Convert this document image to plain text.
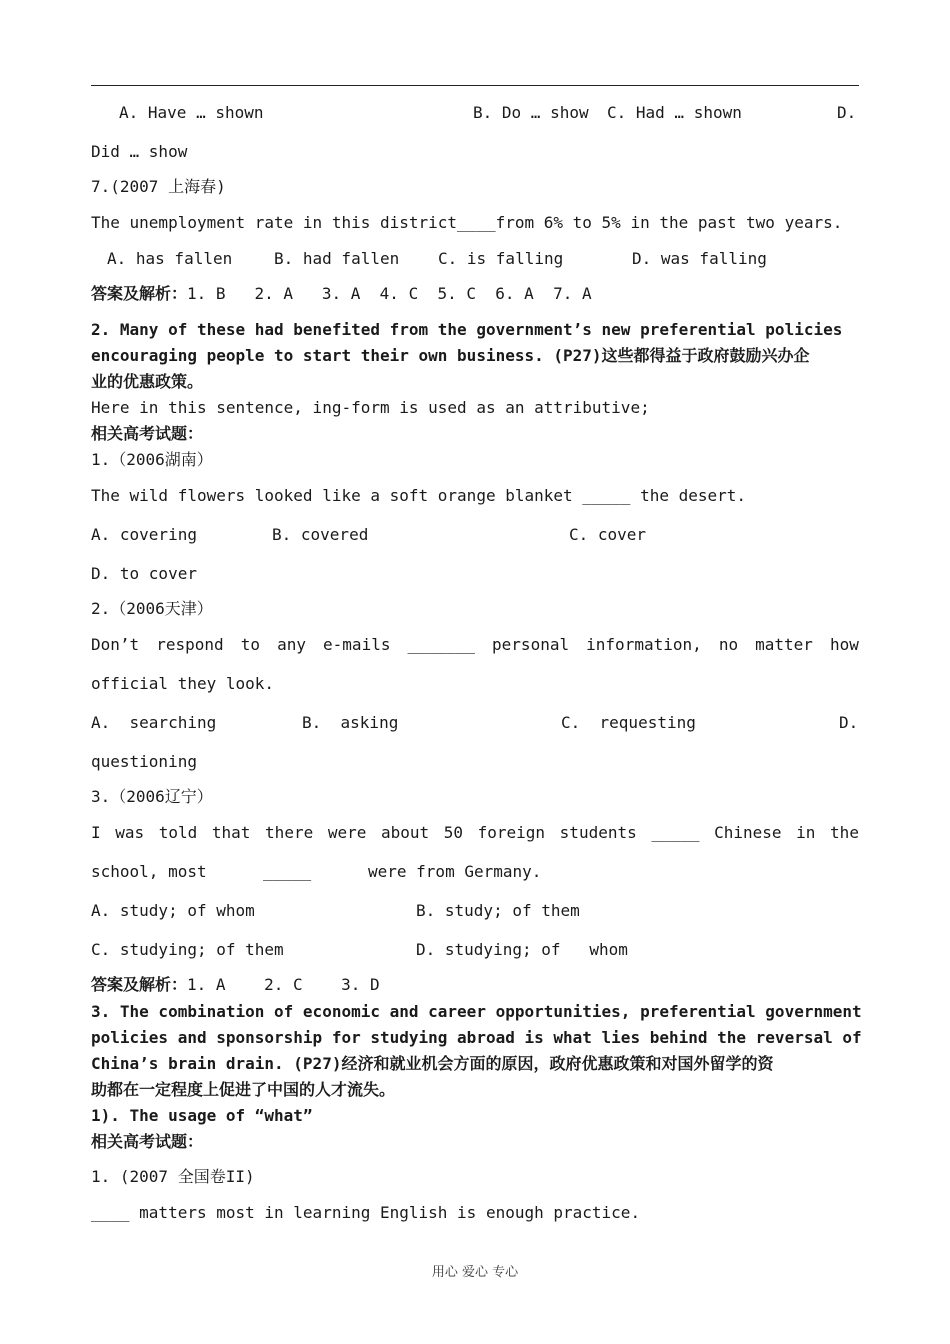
A. Have … shown	B. Do … show C. Had … shown	D.
Did … show
7.(2007 上海春)
The unemployment rate in this district____from 6% to 5% in the past two years.
A. has fallen	B. had fallen C. is falling	D. was falling
答案及解析：1. B   2. A   3. A  4. C  5. C  6. A  7. A
2. Many of these had benefited from the government’s new preferential policies
encouraging people to start their own business. (P27)这些都得益于政府鼓励兴办企
业的优惠政策。
Here in this sentence, ing-form is used as an attributive;
相关高考试题：
1.（2006湖南）
The wild flowers looked like a soft orange blanket _____ the desert.
A. covering	B. covered	C. cover
D. to cover
2.（2006天津）
Don’t respond to any e-mails _______ personal information, no matter how
official they look.
A.  searching	B.  asking	C.  requesting	D.
questioning
3.（2006辽宁）
I was told that there were about 50 foreign students _____ Chinese in the
school, most	_____	were from Germany.
A. study; of whom	B. study; of them
C. studying; of them	D. studying; of   whom
答案及解析：1. A    2. C    3. D
3. The combination of economic and career opportunities, preferential government
policies and sponsorship for studying abroad is what lies behind the reversal of
China’s brain drain. (P27)经济和就业机会方面的原因，政府优惠政策和对国外留学的资
助都在一定程度上促进了中国的人才流失。
1). The usage of “what”
相关高考试题：
1. (2007 全国卷II)
____ matters most in learning English is enough practice.
用心 爱心 专心
